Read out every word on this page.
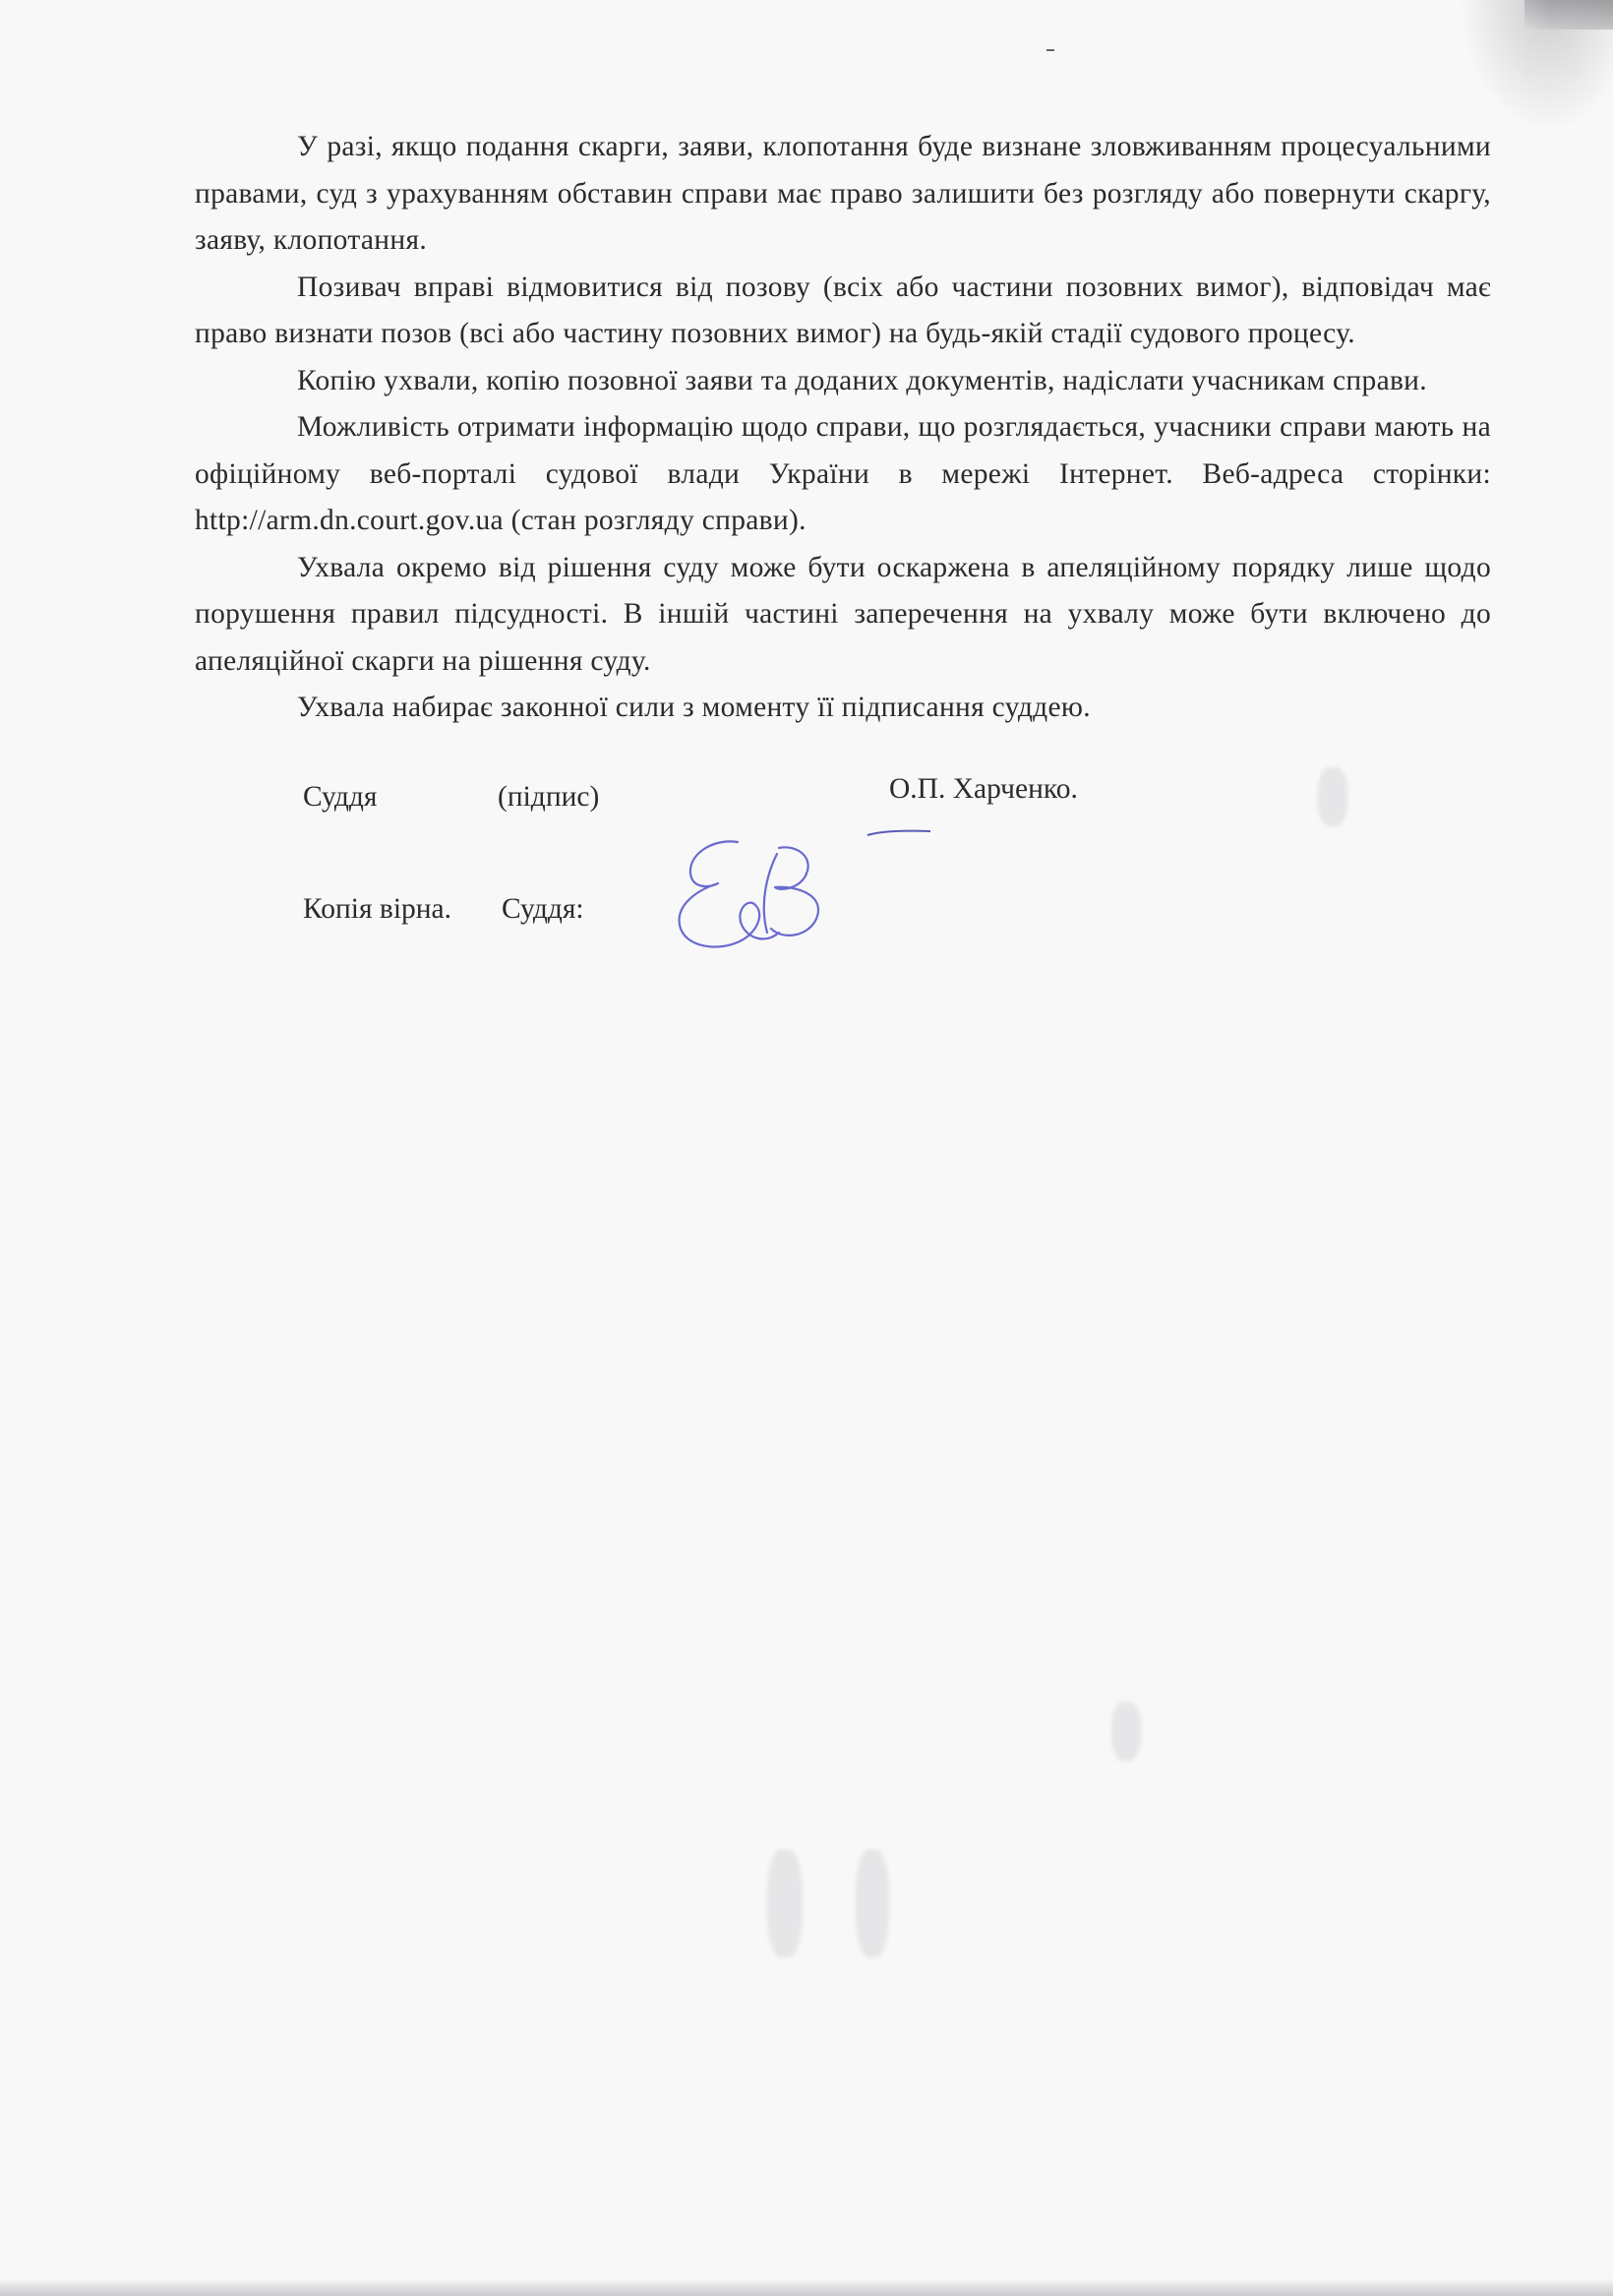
У разі, якщо подання скарги, заяви, клопотання буде визнане зловживанням процесуальними правами, суд з урахуванням обставин справи має право залишити без розгляду або повернути скаргу, заяву, клопотання.

Позивач вправі відмовитися від позову (всіх або частини позовних вимог), відповідач має право визнати позов (всі або частину позовних вимог) на будь-якій стадії судового процесу.

Копію ухвали, копію позовної заяви та доданих документів, надіслати учасникам справи.

Можливість отримати інформацію щодо справи, що розглядається, учасники справи мають на офіційному веб-порталі судової влади України в мережі Інтернет. Веб-адреса сторінки: http://arm.dn.court.gov.ua (стан розгляду справи).

Ухвала окремо від рішення суду може бути оскаржена в апеляційному порядку лише щодо порушення правил підсудності. В іншій частині заперечення на ухвалу може бути включено до апеляційної скарги на рішення суду.

Ухвала набирає законної сили з моменту її підписання суддею.

Суддя	(підпис)	О.П. Харченко.
Копія вірна. Суддя:
